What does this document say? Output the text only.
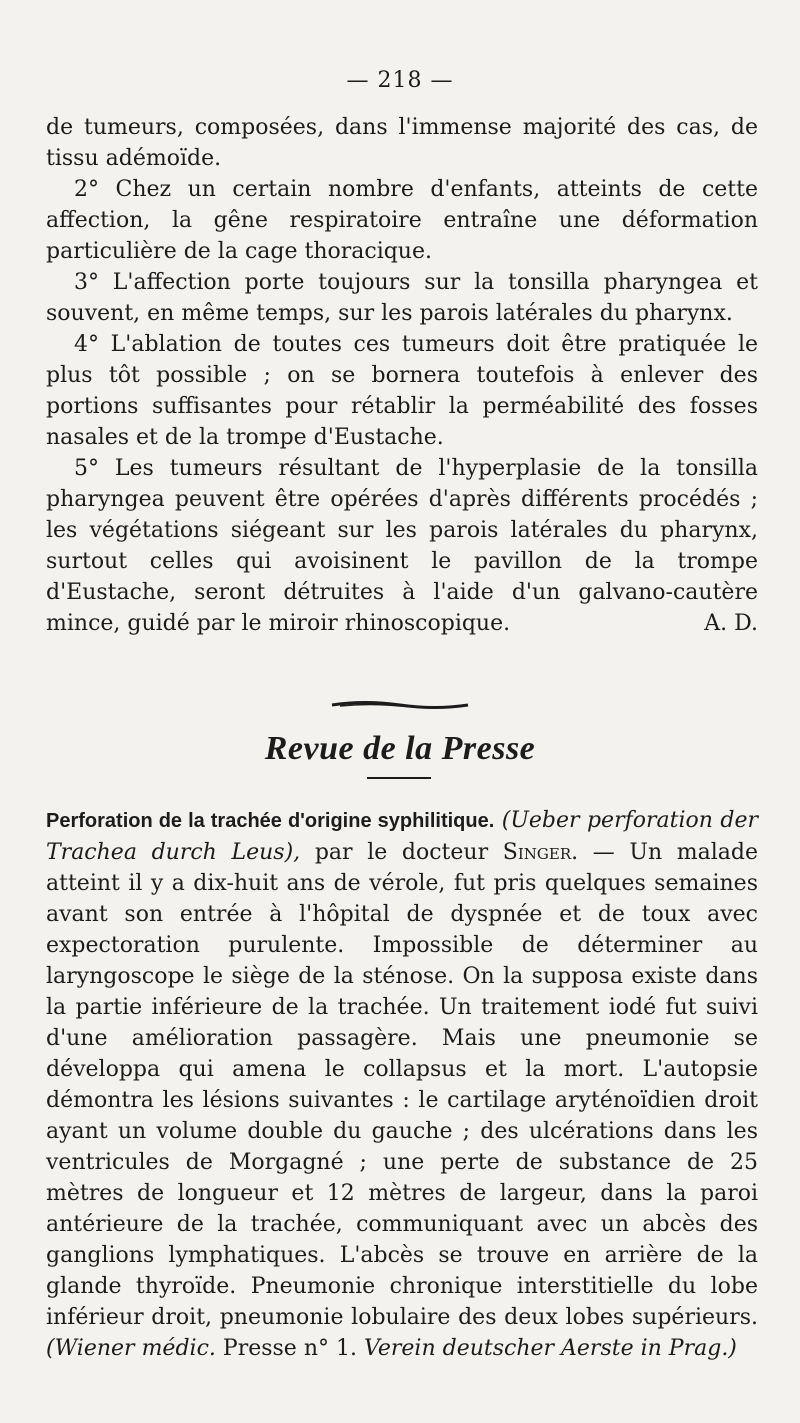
— 218 —

de tumeurs, composées, dans l'immense majorité des cas, de tissu adémoïde.

2° Chez un certain nombre d'enfants, atteints de cette affection, la gêne respiratoire entraîne une déformation particulière de la cage thoracique.

3° L'affection porte toujours sur la tonsilla pharyngea et souvent, en même temps, sur les parois latérales du pharynx.

4° L'ablation de toutes ces tumeurs doit être pratiquée le plus tôt possible ; on se bornera toutefois à enlever des portions suffisantes pour rétablir la perméabilité des fosses nasales et de la trompe d'Eustache.

5° Les tumeurs résultant de l'hyperplasie de la tonsilla pharyngea peuvent être opérées d'après différents procédés ; les végétations siégeant sur les parois latérales du pharynx, surtout celles qui avoisinent le pavillon de la trompe d'Eustache, seront détruites à l'aide d'un galvano-cautère mince, guidé par le miroir rhinoscopique.	A. D.

Revue de la Presse

Perforation de la trachée d'origine syphilitique. (Ueber perforation der Trachea durch Leus), par le docteur Singer. — Un malade atteint il y a dix-huit ans de vérole, fut pris quelques semaines avant son entrée à l'hôpital de dyspnée et de toux avec expectoration purulente. Impossible de déterminer au laryngoscope le siège de la sténose. On la supposa existe dans la partie inférieure de la trachée. Un traitement iodé fut suivi d'une amélioration passagère. Mais une pneumonie se développa qui amena le collapsus et la mort. L'autopsie démontra les lésions suivantes : le cartilage aryténoïdien droit ayant un volume double du gauche ; des ulcérations dans les ventricules de Morgagné ; une perte de substance de 25 mètres de longueur et 12 mètres de largeur, dans la paroi antérieure de la trachée, communiquant avec un abcès des ganglions lymphatiques. L'abcès se trouve en arrière de la glande thyroïde. Pneumonie chronique interstitielle du lobe inférieur droit, pneumonie lobulaire des deux lobes supérieurs. (Wiener médic. Presse n° 1. Verein deutscher Aerste in Prag.)
